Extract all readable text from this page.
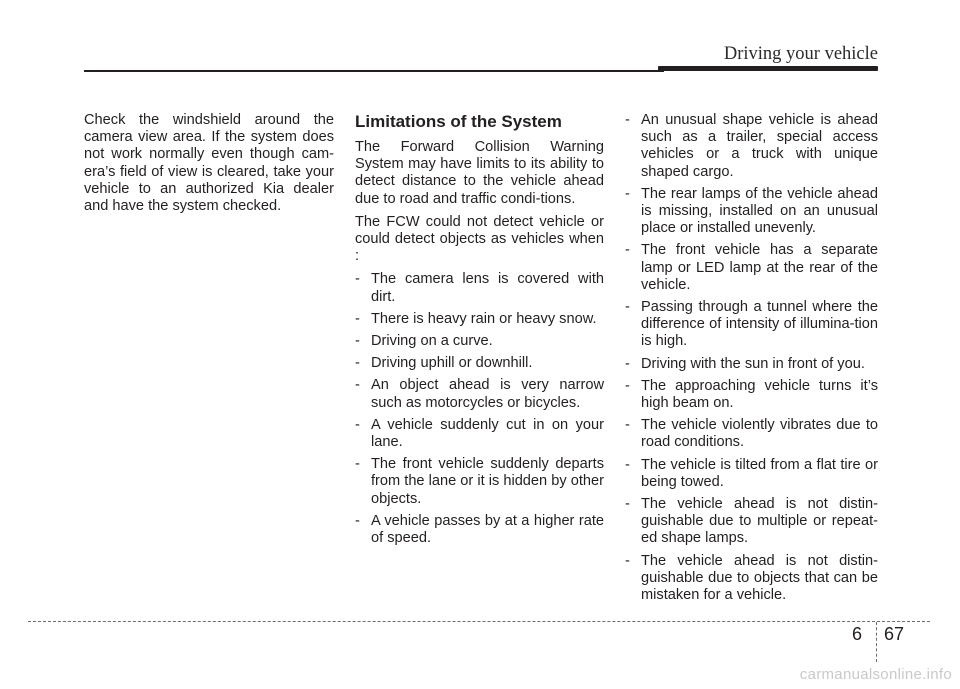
Driving your vehicle

Check the windshield around the camera view area. If the system does not work normally even though cam-era’s field of view is cleared, take your vehicle to an authorized Kia dealer and have the system checked.

Limitations of the System

The Forward Collision Warning System may have limits to its ability to detect distance to the vehicle ahead due to road and traffic condi-tions.

The FCW could not detect vehicle or could detect objects as vehicles when :

- The camera lens is covered with dirt.
- There is heavy rain or heavy snow.
- Driving on a curve.
- Driving uphill or downhill.
- An object ahead is very narrow such as motorcycles or bicycles.
- A vehicle suddenly cut in on your lane.
- The front vehicle suddenly departs from the lane or it is hidden by other objects.
- A vehicle passes by at a higher rate of speed.
- An unusual shape vehicle is ahead such as a trailer, special access vehicles or a truck with unique shaped cargo.
- The rear lamps of the vehicle ahead is missing, installed on an unusual place or installed unevenly.
- The front vehicle has a separate lamp or LED lamp at the rear of the vehicle.
- Passing through a tunnel where the difference of intensity of illumina-tion is high.
- Driving with the sun in front of you.
- The approaching vehicle turns it’s high beam on.
- The vehicle violently vibrates due to road conditions.
- The vehicle is tilted from a flat tire or being towed.
- The vehicle ahead is not distin-guishable due to multiple or repeat-ed shape lamps.
- The vehicle ahead is not distin-guishable due to objects that can be mistaken for a vehicle.
6 67
carmanualsonline.info
